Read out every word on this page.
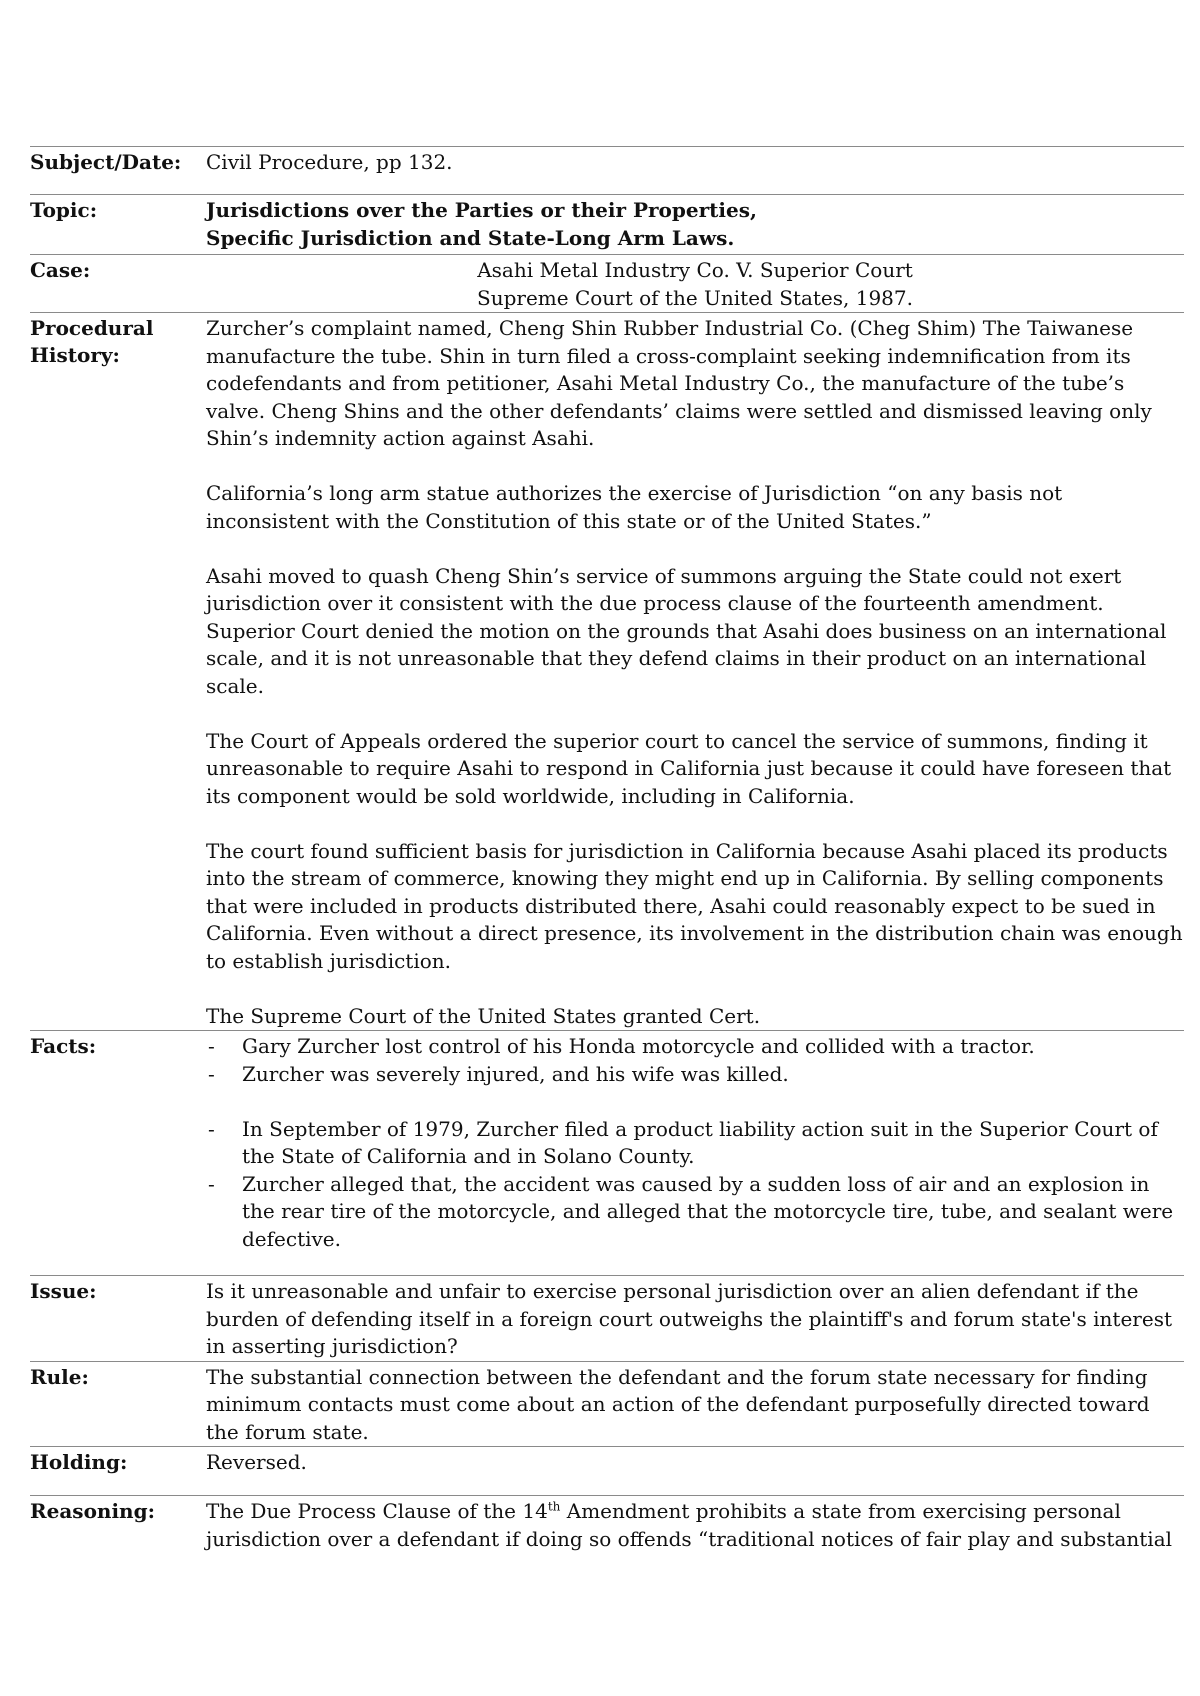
Subject/Date:	Civil Procedure, pp 132.
Topic:	Jurisdictions over the Parties or their Properties,
Specific Jurisdiction and State-Long Arm Laws.
Case:	Asahi Metal Industry Co. V. Superior Court
Supreme Court of the United States, 1987.
Procedural
History:

Zurcher’s complaint named, Cheng Shin Rubber Industrial Co. (Cheg Shim) The Taiwanese manufacture the tube. Shin in turn filed a cross-complaint seeking indemnification from its codefendants and from petitioner, Asahi Metal Industry Co., the manufacture of the tube’s valve. Cheng Shins and the other defendants’ claims were settled and dismissed leaving only Shin’s indemnity action against Asahi.

California’s long arm statue authorizes the exercise of Jurisdiction “on any basis not inconsistent with the Constitution of this state or of the United States.”

Asahi moved to quash Cheng Shin’s service of summons arguing the State could not exert jurisdiction over it consistent with the due process clause of the fourteenth amendment. Superior Court denied the motion on the grounds that Asahi does business on an international scale, and it is not unreasonable that they defend claims in their product on an international scale.

The Court of Appeals ordered the superior court to cancel the service of summons, finding it unreasonable to require Asahi to respond in California just because it could have foreseen that its component would be sold worldwide, including in California.

The court found sufficient basis for jurisdiction in California because Asahi placed its products into the stream of commerce, knowing they might end up in California. By selling components that were included in products distributed there, Asahi could reasonably expect to be sued in California. Even without a direct presence, its involvement in the distribution chain was enough to establish jurisdiction.

The Supreme Court of the United States granted Cert.

Facts:
-	Gary Zurcher lost control of his Honda motorcycle and collided with a tractor.
- Zurcher was severely injured, and his wife was killed.
- In September of 1979, Zurcher filed a product liability action suit in the Superior Court of the State of California and in Solano County.
- Zurcher alleged that, the accident was caused by a sudden loss of air and an explosion in the rear tire of the motorcycle, and alleged that the motorcycle tire, tube, and sealant were defective.
Issue:	Is it unreasonable and unfair to exercise personal jurisdiction over an alien defendant if the burden of defending itself in a foreign court outweighs the plaintiff's and forum state's interest in asserting jurisdiction?
Rule:	The substantial connection between the defendant and the forum state necessary for finding minimum contacts must come about an action of the defendant purposefully directed toward the forum state.
Holding:	Reversed.
Reasoning:	The Due Process Clause of the 14th Amendment prohibits a state from exercising personal jurisdiction over a defendant if doing so offends “traditional notices of fair play and substantial
